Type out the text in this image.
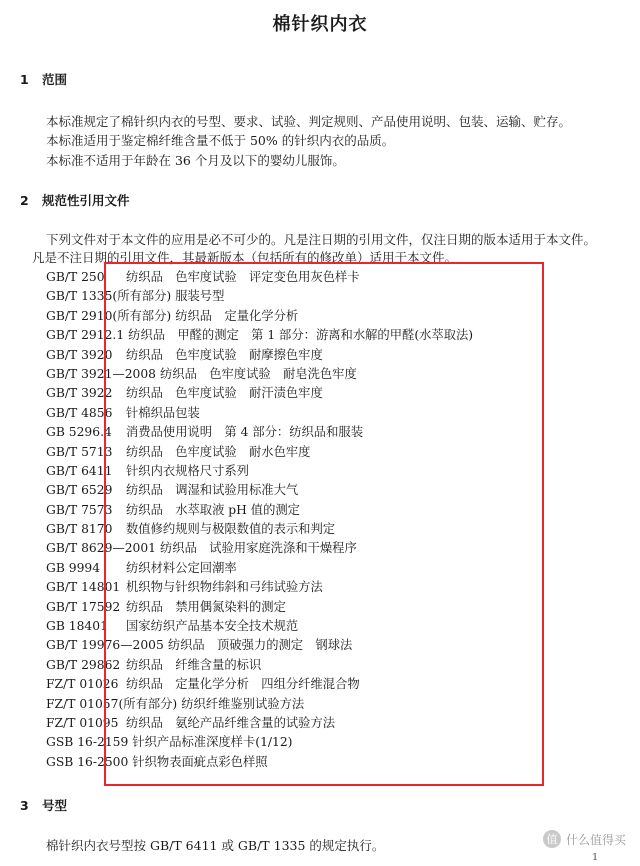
棉针织内衣
1 范围
本标准规定了棉针织内衣的号型、要求、试验、判定规则、产品使用说明、包装、运输、贮存。
本标准适用于鉴定棉纤维含量不低于 50% 的针织内衣的品质。
本标准不适用于年龄在 36 个月及以下的婴幼儿服饰。
2 规范性引用文件
下列文件对于本文件的应用是必不可少的。凡是注日期的引用文件，仅注日期的版本适用于本文件。
凡是不注日期的引用文件，其最新版本（包括所有的修改单）适用于本文件。
GB/T 250 纺织品　色牢度试验　评定变色用灰色样卡
GB/T 1335(所有部分) 服装号型
GB/T 2910(所有部分) 纺织品　定量化学分析
GB/T 2912.1 纺织品　甲醛的测定　第 1 部分：游离和水解的甲醛(水萃取法)
GB/T 3920 纺织品　色牢度试验　耐摩擦色牢度
GB/T 3921—2008 纺织品　色牢度试验　耐皂洗色牢度
GB/T 3922 纺织品　色牢度试验　耐汗渍色牢度
GB/T 4856 针棉织品包装
GB 5296.4 消费品使用说明　第 4 部分：纺织品和服装
GB/T 5713 纺织品　色牢度试验　耐水色牢度
GB/T 6411 针织内衣规格尺寸系列
GB/T 6529 纺织品　调湿和试验用标准大气
GB/T 7573 纺织品　水萃取液 pH 值的测定
GB/T 8170 数值修约规则与极限数值的表示和判定
GB/T 8629—2001 纺织品　试验用家庭洗涤和干燥程序
GB 9994 纺织材料公定回潮率
GB/T 14801 机织物与针织物纬斜和弓纬试验方法
GB/T 17592 纺织品　禁用偶氮染料的测定
GB 18401 国家纺织产品基本安全技术规范
GB/T 19976—2005 纺织品　顶破强力的测定　钢球法
GB/T 29862 纺织品　纤维含量的标识
FZ/T 01026 纺织品　定量化学分析　四组分纤维混合物
FZ/T 01057(所有部分) 纺织纤维鉴别试验方法
FZ/T 01095 纺织品　氨纶产品纤维含量的试验方法
GSB 16-2159 针织产品标准深度样卡(1/12)
GSB 16-2500 针织物表面疵点彩色样照
3 号型
棉针织内衣号型按 GB/T 6411 或 GB/T 1335 的规定执行。	值 什么值得买
1
